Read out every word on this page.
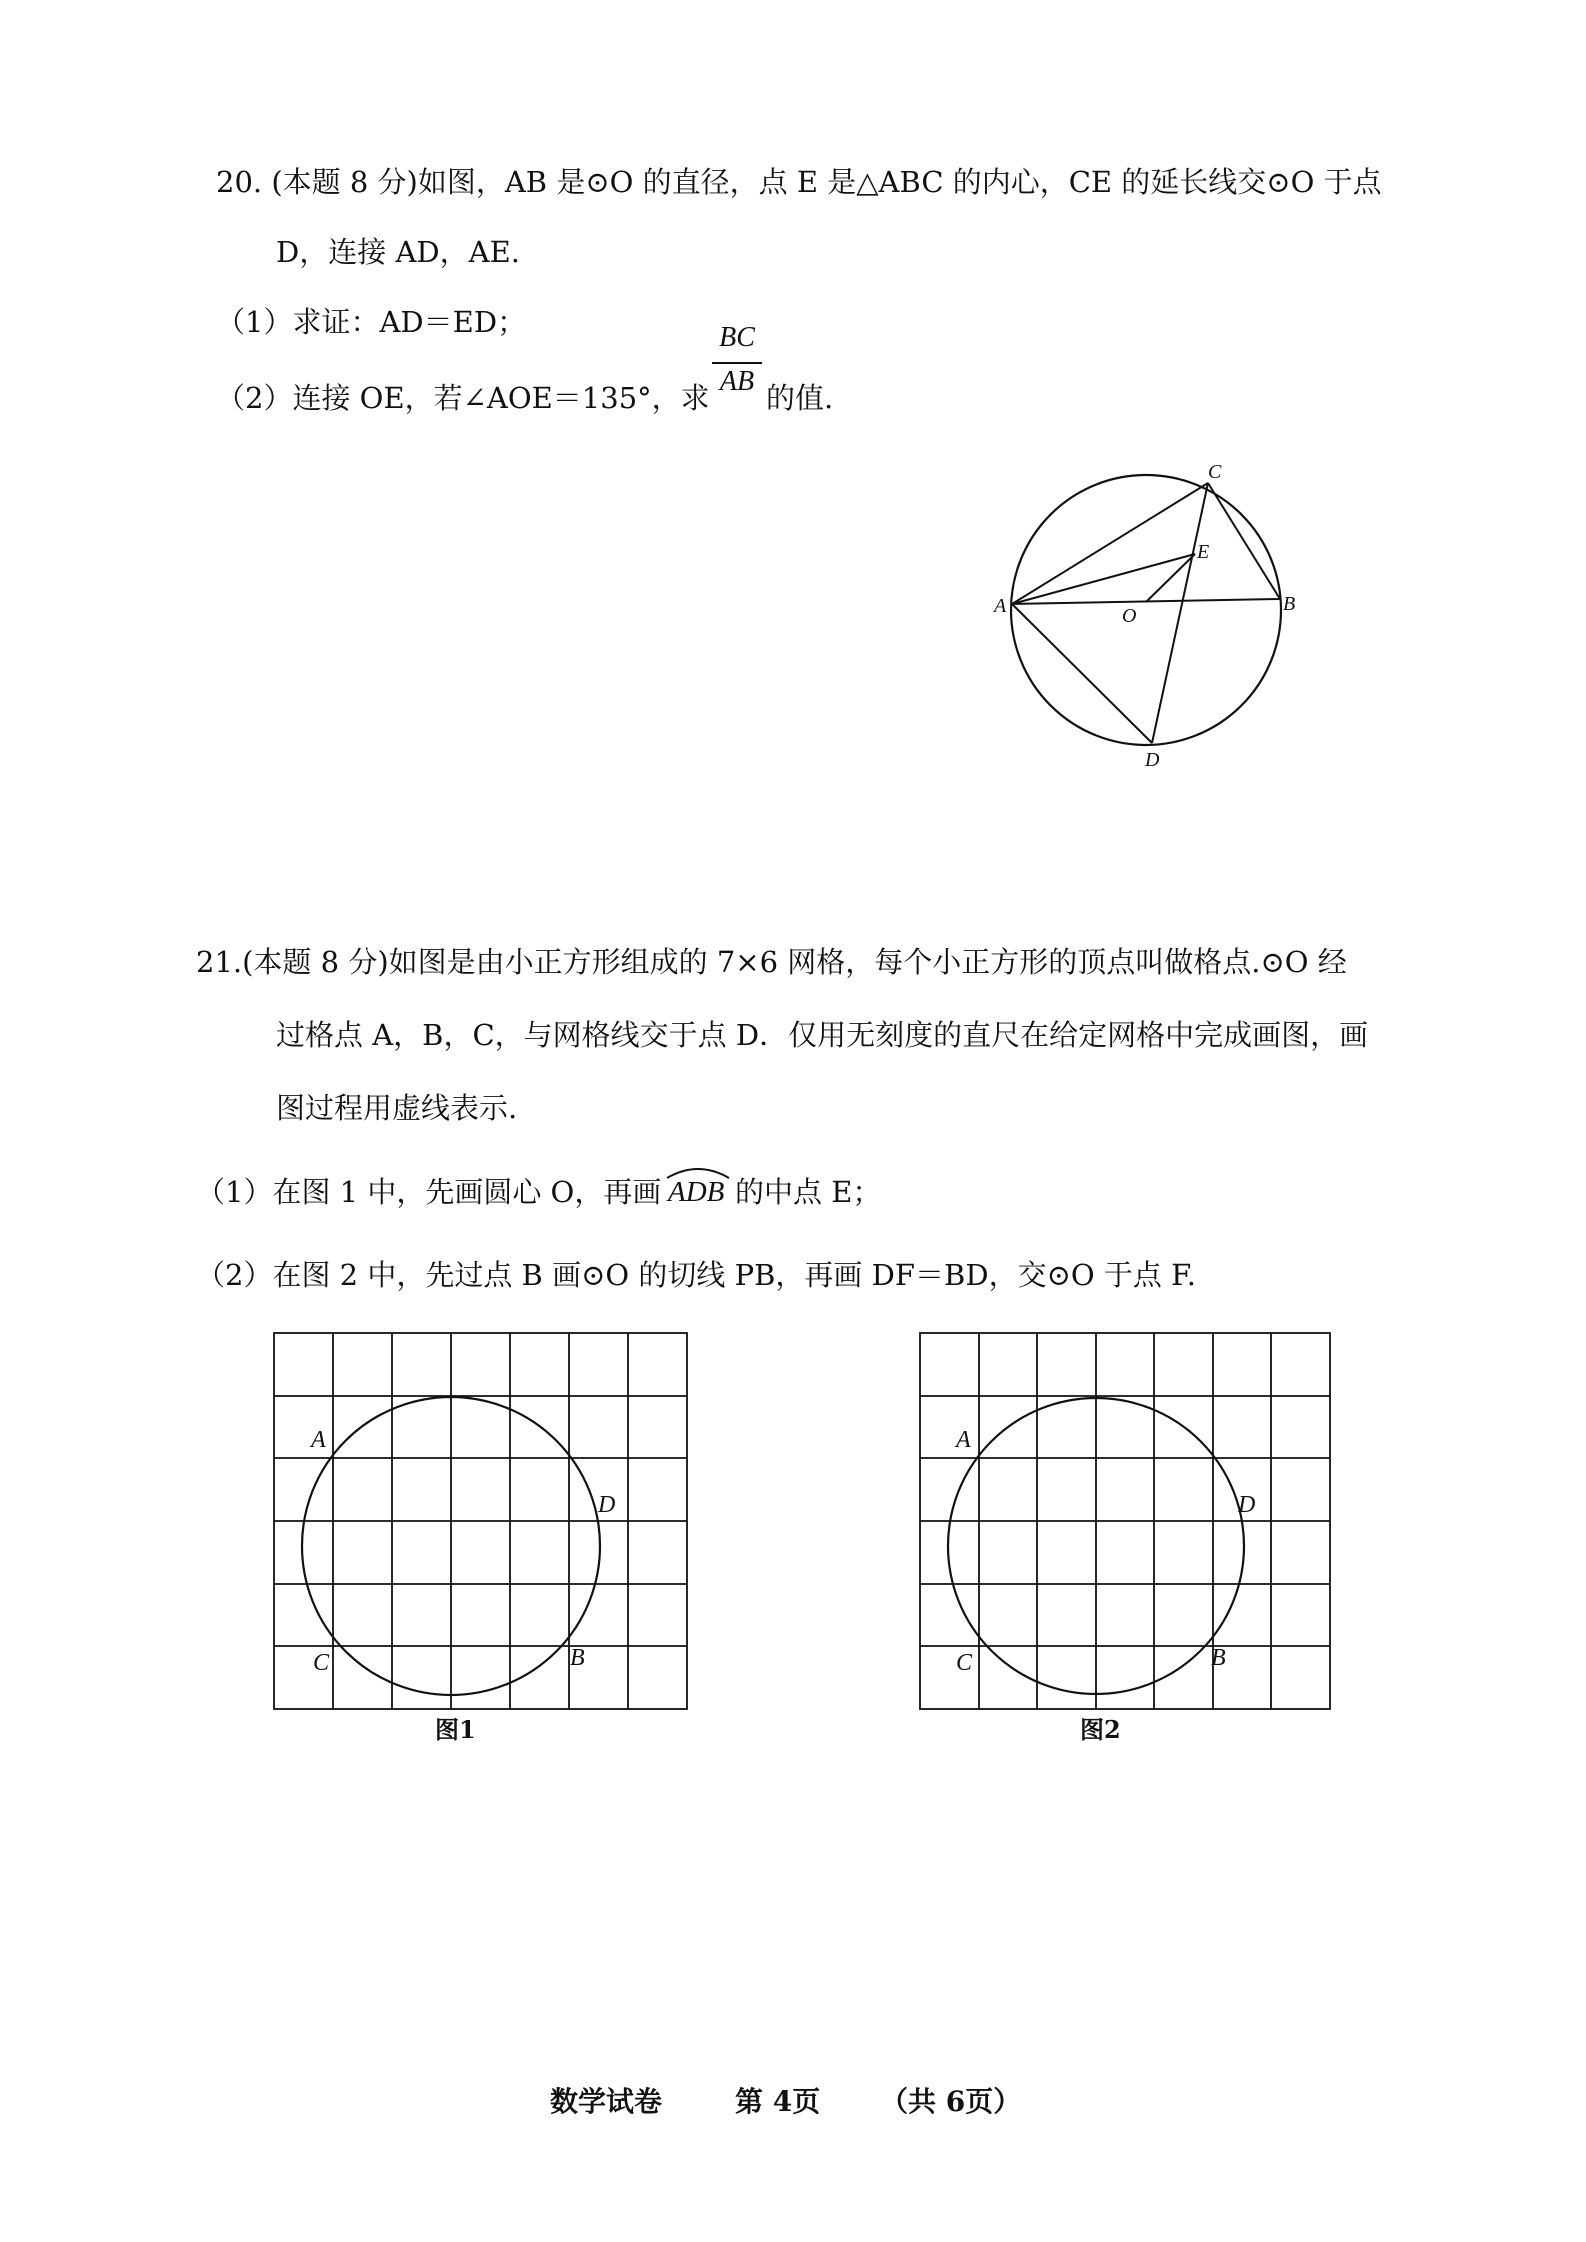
20. (本题 8 分)如图，AB 是⊙O 的直径，点 E 是△ABC 的内心，CE 的延长线交⊙O 于点
D，连接 AD，AE.
（1）求证：AD＝ED；
（2）连接 OE，若∠AOE＝135°，求
BC
AB 的值.
A	B
C
D
E
O
21.(本题 8 分)如图是由小正方形组成的 7×6 网格，每个小正方形的顶点叫做格点.⊙O 经
过格点 A，B，C，与网格线交于点 D．仅用无刻度的直尺在给定网格中完成画图，画
图过程用虚线表示.
（1）在图 1 中，先画圆心 O，再画 ADB 的中点 E；
（2）在图 2 中，先过点 B 画⊙O 的切线 PB，再画 DF＝BD，交⊙O 于点 F.
A
D
C	B
图1
A
D
C	B
图2
数学试卷	第 4页 （共 6页）
